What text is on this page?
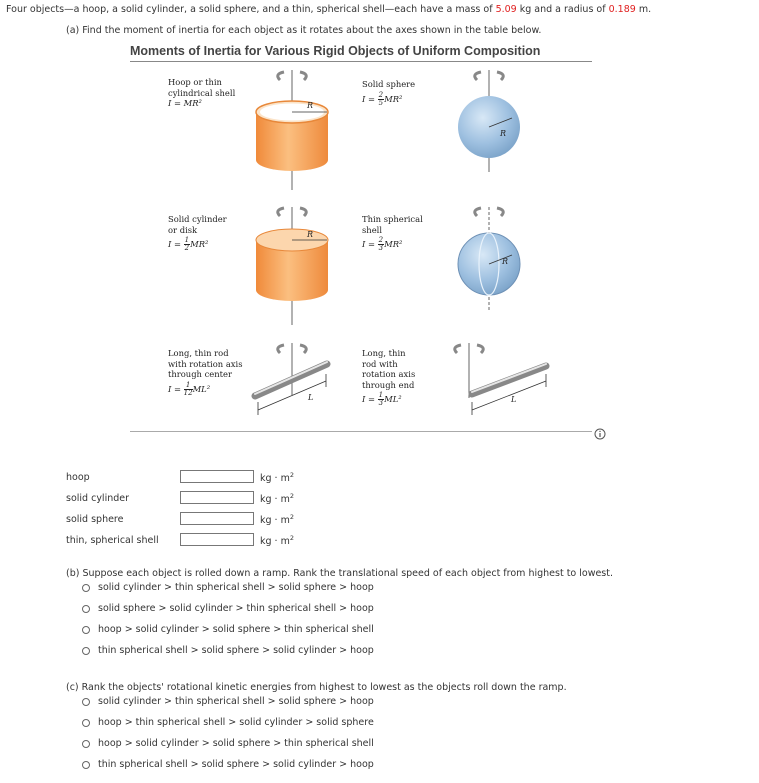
Four objects—a hoop, a solid cylinder, a solid sphere, and a thin, spherical shell—each have a mass of 5.09 kg and a radius of 0.189 m.
(a) Find the moment of inertia for each object as it rotates about the axes shown in the table below.
Moments of Inertia for Various Rigid Objects of Uniform Composition
Hoop or thin
cylindrical shell
I = MR²
Solid sphere
$I = \frac{2}{5} MR^2$
Solid cylinder
or disk
$I = \frac{1}{2} MR^2$
Thin spherical
shell
$I = \frac{2}{3} MR^2$
Long, thin rod
with rotation axis
through center
$I = \frac{1}{12} ML^2$
Long, thin
rod with
rotation axis
through end
$I = \frac{1}{3} ML^2$
R
R
R
R
L	L
hoop	kg · $m^2$
solid cylinder	kg · $m^2$
solid sphere	kg · $m^2$
thin, spherical shell	kg · $m^2$
(b) Suppose each object is rolled down a ramp. Rank the translational speed of each object from highest to lowest.
solid cylinder > thin spherical shell > solid sphere > hoop
solid sphere > solid cylinder > thin spherical shell > hoop
hoop > solid cylinder > solid sphere > thin spherical shell
thin spherical shell > solid sphere > solid cylinder > hoop
(c) Rank the objects' rotational kinetic energies from highest to lowest as the objects roll down the ramp.
solid cylinder > thin spherical shell > solid sphere > hoop
hoop > thin spherical shell > solid cylinder > solid sphere
hoop > solid cylinder > solid sphere > thin spherical shell
thin spherical shell > solid sphere > solid cylinder > hoop
